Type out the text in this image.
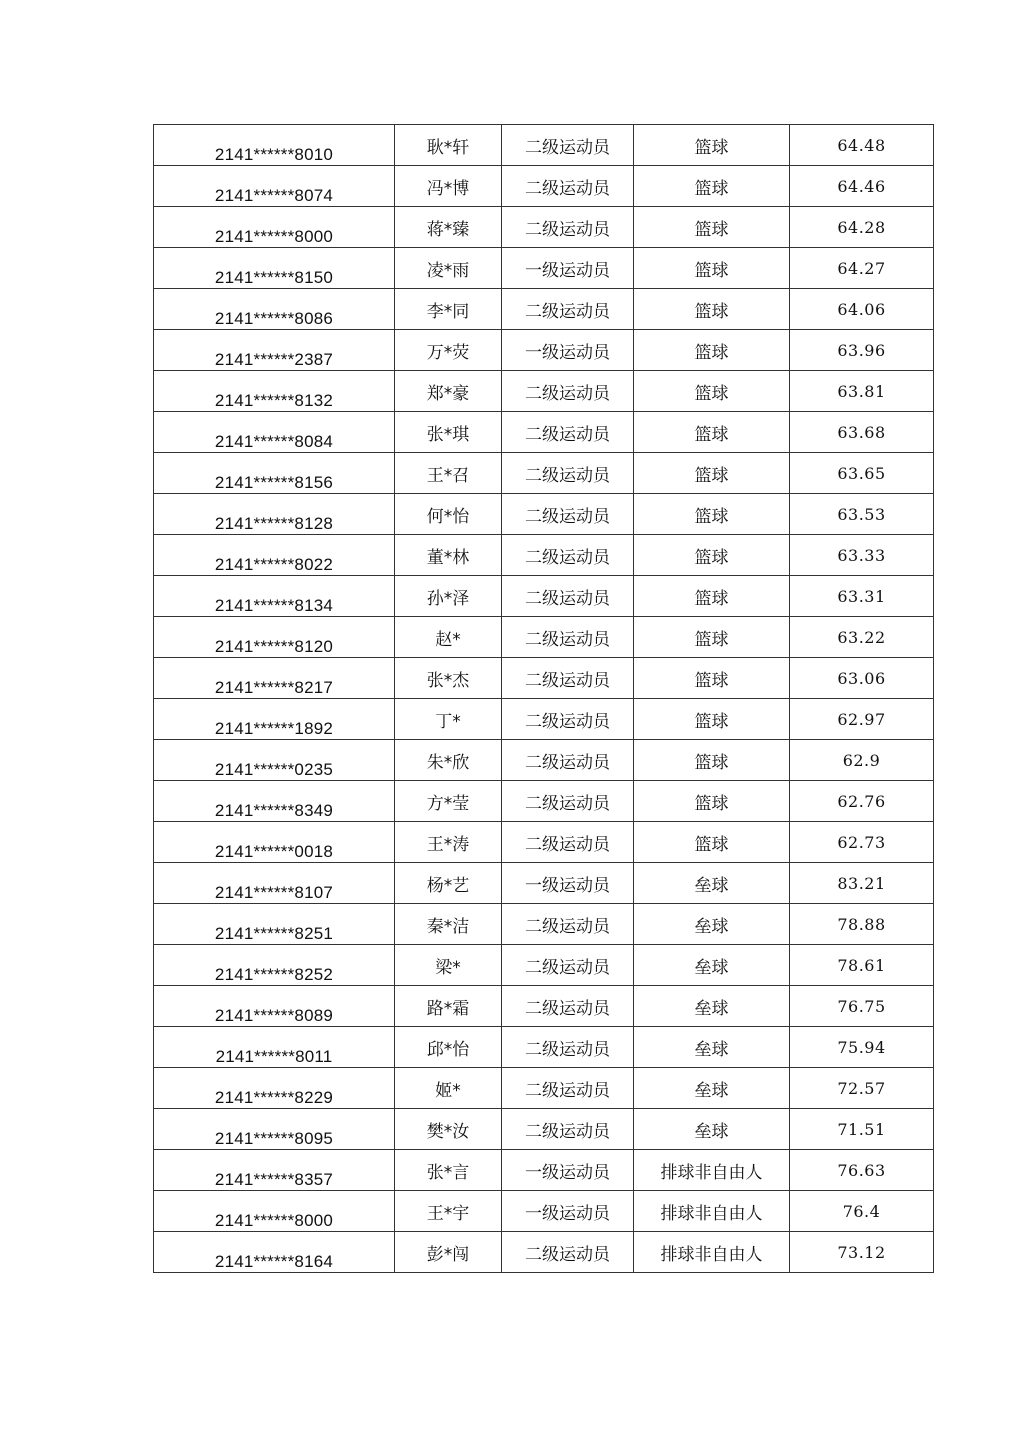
2141******8010	耿*轩	二级运动员	篮球	64.48
2141******8074	冯*博	二级运动员	篮球	64.46
2141******8000	蒋*臻	二级运动员	篮球	64.28
2141******8150	凌*雨	一级运动员	篮球	64.27
2141******8086	李*同	二级运动员	篮球	64.06
2141******2387	万*荧	一级运动员	篮球	63.96
2141******8132	郑*豪	二级运动员	篮球	63.81
2141******8084	张*琪	二级运动员	篮球	63.68
2141******8156	王*召	二级运动员	篮球	63.65
2141******8128	何*怡	二级运动员	篮球	63.53
2141******8022	董*林	二级运动员	篮球	63.33
2141******8134	孙*泽	二级运动员	篮球	63.31
2141******8120	赵*	二级运动员	篮球	63.22
2141******8217	张*杰	二级运动员	篮球	63.06
2141******1892	丁*	二级运动员	篮球	62.97
2141******0235	朱*欣	二级运动员	篮球	62.9
2141******8349	方*莹	二级运动员	篮球	62.76
2141******0018	王*涛	二级运动员	篮球	62.73
2141******8107	杨*艺	一级运动员	垒球	83.21
2141******8251	秦*洁	二级运动员	垒球	78.88
2141******8252	梁*	二级运动员	垒球	78.61
2141******8089	路*霜	二级运动员	垒球	76.75
2141******8011	邱*怡	二级运动员	垒球	75.94
2141******8229	姬*	二级运动员	垒球	72.57
2141******8095	樊*汝	二级运动员	垒球	71.51
2141******8357	张*言	一级运动员	排球非自由人	76.63
2141******8000	王*宇	一级运动员	排球非自由人	76.4
2141******8164	彭*闯	二级运动员	排球非自由人	73.12
